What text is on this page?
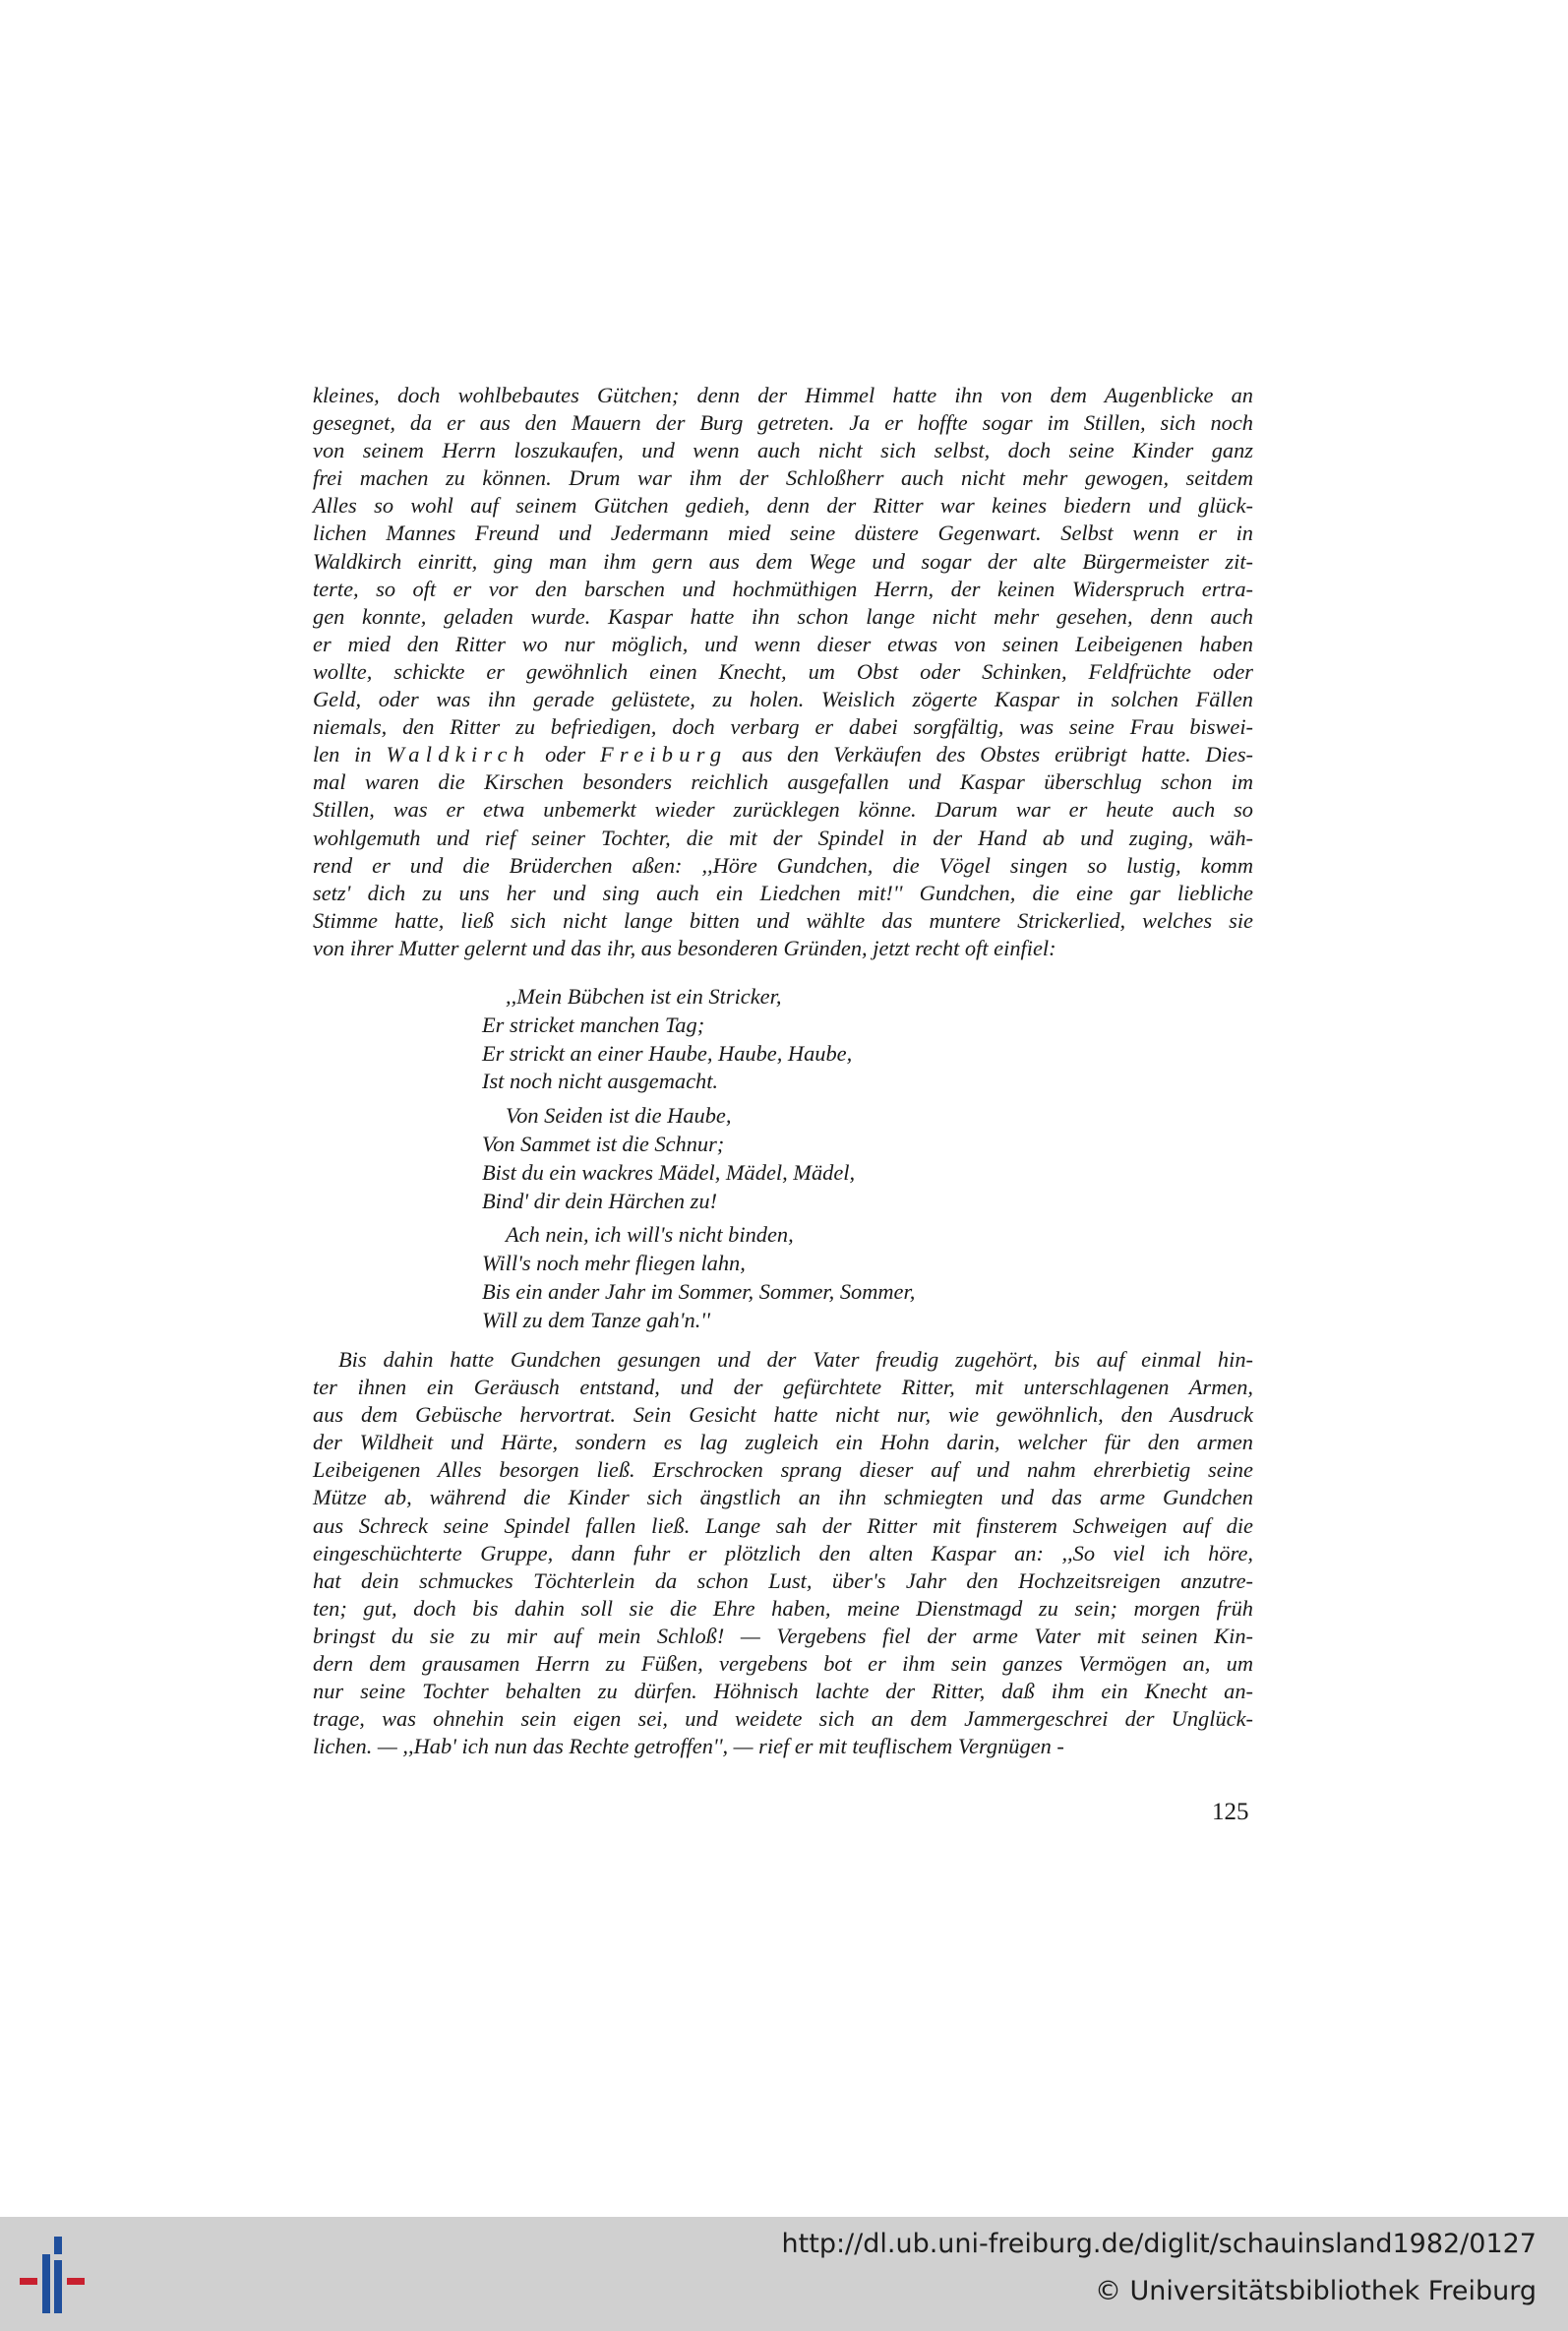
kleines, doch wohlbebautes Gütchen; denn der Himmel hatte ihn von dem Augenblicke an
gesegnet, da er aus den Mauern der Burg getreten. Ja er hoffte sogar im Stillen, sich noch
von seinem Herrn loszukaufen, und wenn auch nicht sich selbst, doch seine Kinder ganz
frei machen zu können. Drum war ihm der Schloßherr auch nicht mehr gewogen, seitdem
Alles so wohl auf seinem Gütchen gedieh, denn der Ritter war keines biedern und glück-
lichen Mannes Freund und Jedermann mied seine düstere Gegenwart. Selbst wenn er in
Waldkirch einritt, ging man ihm gern aus dem Wege und sogar der alte Bürgermeister zit-
terte, so oft er vor den barschen und hochmüthigen Herrn, der keinen Widerspruch ertra-
gen konnte, geladen wurde. Kaspar hatte ihn schon lange nicht mehr gesehen, denn auch
er mied den Ritter wo nur möglich, und wenn dieser etwas von seinen Leibeigenen haben
wollte, schickte er gewöhnlich einen Knecht, um Obst oder Schinken, Feldfrüchte oder
Geld, oder was ihn gerade gelüstete, zu holen. Weislich zögerte Kaspar in solchen Fällen
niemals, den Ritter zu befriedigen, doch verbarg er dabei sorgfältig, was seine Frau biswei-
len in Waldkirch oder Freiburg aus den Verkäufen des Obstes erübrigt hatte. Dies-
mal waren die Kirschen besonders reichlich ausgefallen und Kaspar überschlug schon im
Stillen, was er etwa unbemerkt wieder zurücklegen könne. Darum war er heute auch so
wohlgemuth und rief seiner Tochter, die mit der Spindel in der Hand ab und zuging, wäh-
rend er und die Brüderchen aßen: ,,Höre Gundchen, die Vögel singen so lustig, komm
setz' dich zu uns her und sing auch ein Liedchen mit!'' Gundchen, die eine gar liebliche
Stimme hatte, ließ sich nicht lange bitten und wählte das muntere Strickerlied, welches sie
von ihrer Mutter gelernt und das ihr, aus besonderen Gründen, jetzt recht oft einfiel:
,,Mein Bübchen ist ein Stricker,
Er stricket manchen Tag;
Er strickt an einer Haube, Haube, Haube,
Ist noch nicht ausgemacht.
Von Seiden ist die Haube,
Von Sammet ist die Schnur;
Bist du ein wackres Mädel, Mädel, Mädel,
Bind' dir dein Härchen zu!
Ach nein, ich will's nicht binden,
Will's noch mehr fliegen lahn,
Bis ein ander Jahr im Sommer, Sommer, Sommer,
Will zu dem Tanze gah'n.''
Bis dahin hatte Gundchen gesungen und der Vater freudig zugehört, bis auf einmal hin-
ter ihnen ein Geräusch entstand, und der gefürchtete Ritter, mit unterschlagenen Armen,
aus dem Gebüsche hervortrat. Sein Gesicht hatte nicht nur, wie gewöhnlich, den Ausdruck
der Wildheit und Härte, sondern es lag zugleich ein Hohn darin, welcher für den armen
Leibeigenen Alles besorgen ließ. Erschrocken sprang dieser auf und nahm ehrerbietig seine
Mütze ab, während die Kinder sich ängstlich an ihn schmiegten und das arme Gundchen
aus Schreck seine Spindel fallen ließ. Lange sah der Ritter mit finsterem Schweigen auf die
eingeschüchterte Gruppe, dann fuhr er plötzlich den alten Kaspar an: ,,So viel ich höre,
hat dein schmuckes Töchterlein da schon Lust, über's Jahr den Hochzeitsreigen anzutre-
ten; gut, doch bis dahin soll sie die Ehre haben, meine Dienstmagd zu sein; morgen früh
bringst du sie zu mir auf mein Schloß! — Vergebens fiel der arme Vater mit seinen Kin-
dern dem grausamen Herrn zu Füßen, vergebens bot er ihm sein ganzes Vermögen an, um
nur seine Tochter behalten zu dürfen. Höhnisch lachte der Ritter, daß ihm ein Knecht an-
trage, was ohnehin sein eigen sei, und weidete sich an dem Jammergeschrei der Unglück-
lichen. — ,,Hab' ich nun das Rechte getroffen'', — rief er mit teuflischem Vergnügen -
125
http://dl.ub.uni-freiburg.de/diglit/schauinsland1982/0127
© Universitätsbibliothek Freiburg
